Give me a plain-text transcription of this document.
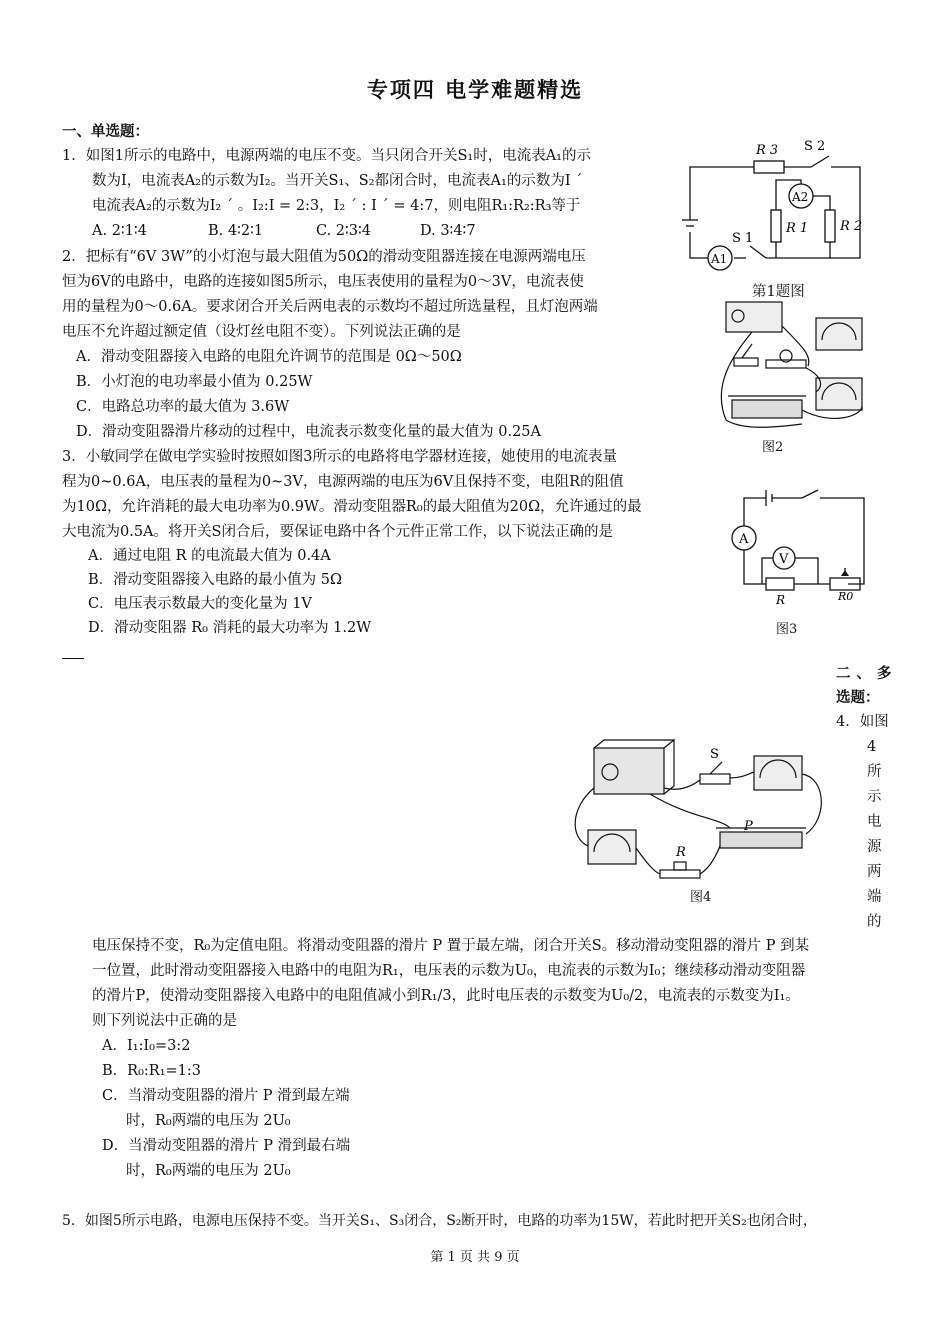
专项四 电学难题精选
一、单选题：
1．如图1所示的电路中，电源两端的电压不变。当只闭合开关S₁时，电流表A₁的示
数为I，电流表A₂的示数为I₂。当开关S₁、S₂都闭合时，电流表A₁的示数为I ´
电流表A₂的示数为I₂ ´ 。I₂:I = 2:3，I₂ ´ : I ´ = 4:7，则电阻R₁:R₂:R₃等于
A. 2∶1∶4	B. 4∶2∶1	C. 2∶3∶4	D. 3∶4∶7
R 3 S 2
A2
R 1 R 2
S 1
A1
第1题图
2．把标有“6V 3W”的小灯泡与最大阻值为50Ω的滑动变阻器连接在电源两端电压
恒为6V的电路中，电路的连接如图5所示，电压表使用的量程为0～3V，电流表使
用的量程为0～0.6A。要求闭合开关后两电表的示数均不超过所选量程，且灯泡两端
电压不允许超过额定值（设灯丝电阻不变）。下列说法正确的是
A．滑动变阻器接入电路的电阻允许调节的范围是 0Ω～50Ω
B．小灯泡的电功率最小值为 0.25W
C．电路总功率的最大值为 3.6W
D．滑动变阻器滑片移动的过程中，电流表示数变化量的最大值为 0.25A
图2
3．小敏同学在做电学实验时按照如图3所示的电路将电学器材连接，她使用的电流表量
程为0~0.6A，电压表的量程为0~3V，电源两端的电压为6V且保持不变，电阻R的阻值
为10Ω，允许消耗的最大电功率为0.9W。滑动变阻器R₀的最大阻值为20Ω，允许通过的最
大电流为0.5A。将开关S闭合后，要保证电路中各个元件正常工作，以下说法正确的是
A．通过电阻 R 的电流最大值为 0.4A
B．滑动变阻器接入电路的最小值为 5Ω
C．电压表示数最大的变化量为 1V
D．滑动变阻器 R₀ 消耗的最大功率为 1.2W
A
V
R	R0
图3
二、多
选题：
4．如图
4
所
示
电
源
两
端
的
S
P
R
图4
电压保持不变，R₀为定值电阻。将滑动变阻器的滑片 P 置于最左端，闭合开关S。移动滑动变阻器的滑片 P 到某
一位置，此时滑动变阻器接入电路中的电阻为R₁，电压表的示数为U₀，电流表的示数为I₀；继续移动滑动变阻器
的滑片P，使滑动变阻器接入电路中的电阻值减小到R₁/3，此时电压表的示数变为U₀/2，电流表的示数变为I₁。
则下列说法中正确的是
A．I₁:I₀=3:2
B．R₀:R₁=1:3
C．当滑动变阻器的滑片 P 滑到最左端
时，R₀两端的电压为 2U₀
D．当滑动变阻器的滑片 P 滑到最右端
时，R₀两端的电压为 2U₀
5．如图5所示电路，电源电压保持不变。当开关S₁、S₃闭合，S₂断开时，电路的功率为15W，若此时把开关S₂也闭合时，
第 1 页 共 9 页
